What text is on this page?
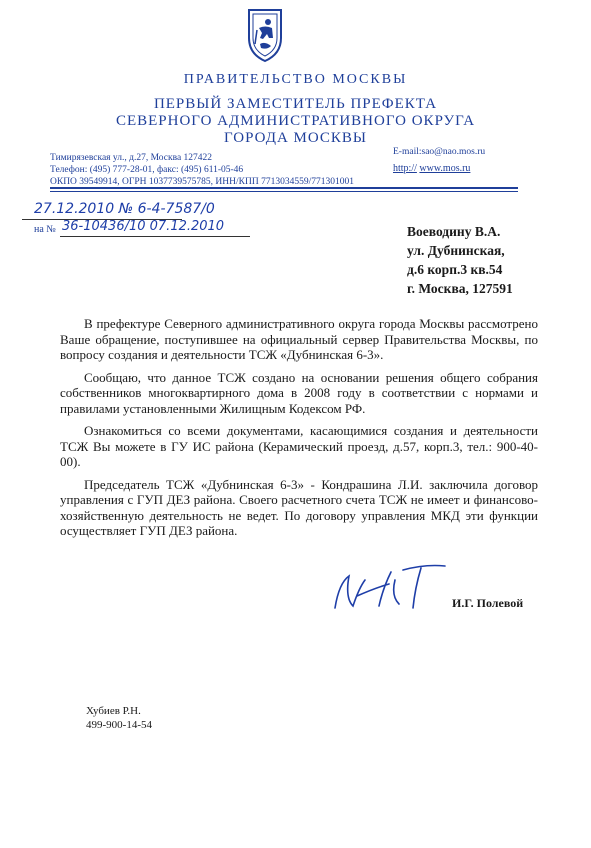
ПРАВИТЕЛЬСТВО МОСКВЫ
ПЕРВЫЙ ЗАМЕСТИТЕЛЬ ПРЕФЕКТА
СЕВЕРНОГО АДМИНИСТРАТИВНОГО ОКРУГА
ГОРОДА МОСКВЫ
Тимирязевская ул., д.27, Москва 127422
Телефон: (495) 777-28-01, факс: (495) 611-05-46
ОКПО 39549914, ОГРН 1037739575785, ИНН/КПП 7713034559/771301001
E-mail:sao@nao.mos.ru
http:// www.mos.ru
27.12.2010 № 6-4-7587/0
на № 36-10436/10 07.12.2010	Воеводину В.А.
ул. Дубнинская,
д.6 корп.3 кв.54
г. Москва, 127591

В префектуре Северного административного округа города Москвы рассмотрено Ваше обращение, поступившее на официальный сервер Правительства Москвы, по вопросу создания и деятельности ТСЖ «Дубнинская 6-3».

Сообщаю, что данное ТСЖ создано на основании решения общего собрания собственников многоквартирного дома в 2008 году в соответствии с нормами и правилами установленными Жилищным Кодексом РФ.

Ознакомиться со всеми документами, касающимися создания и деятельности ТСЖ Вы можете в ГУ ИС района (Керамический проезд, д.57, корп.3, тел.: 900-40-00).

Председатель ТСЖ «Дубнинская 6-3» - Кондрашина Л.И. заключила договор управления с ГУП ДЕЗ района. Своего расчетного счета ТСЖ не имеет и финансово-хозяйственную деятельность не ведет. По договору управления МКД эти функции осуществляет ГУП ДЕЗ района.

И.Г. Полевой
Хубиев Р.Н.
499-900-14-54
